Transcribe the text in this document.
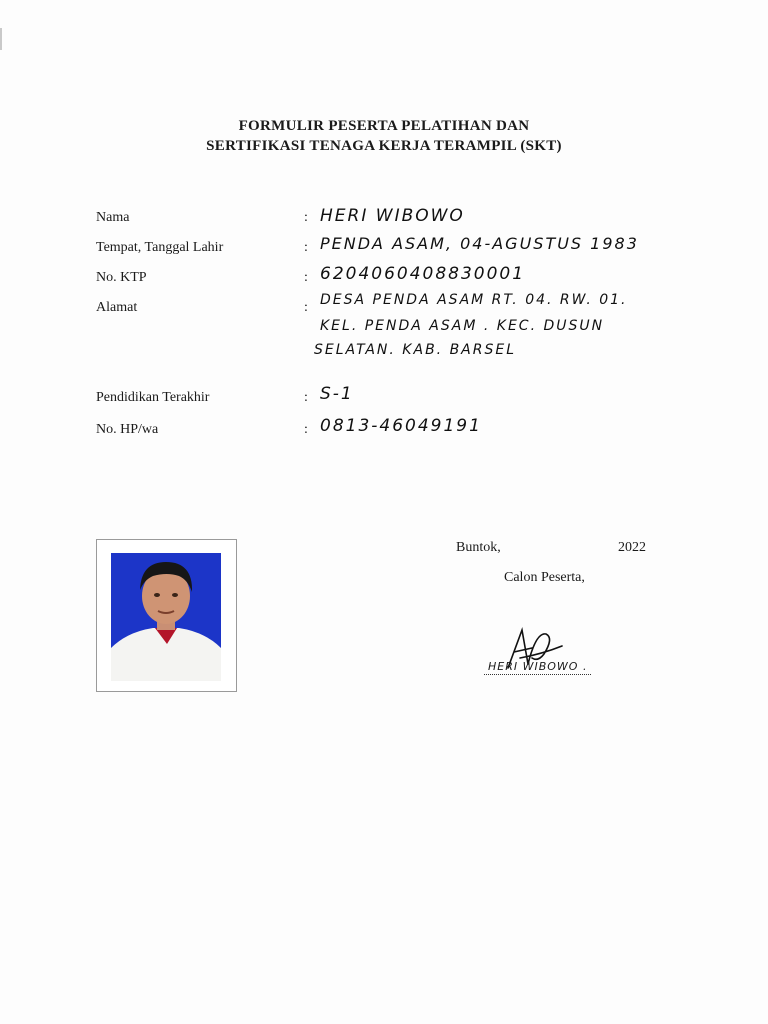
FORMULIR PESERTA PELATIHAN DAN
SERTIFIKASI TENAGA KERJA TERAMPIL (SKT)
Nama	: HERI WIBOWO
Tempat, Tanggal Lahir	: PENDA ASAM, 04-AGUSTUS 1983
No. KTP	: 6204060408830001
Alamat	: DESA PENDA ASAM RT. 04. RW. 01.
KEL. PENDA ASAM . KEC. DUSUN
SELATAN. KAB. BARSEL
Pendidikan Terakhir	: S-1
No. HP/wa	: 0813-46049191
Buntok,	2022
Calon Peserta,
HERI WIBOWO .
